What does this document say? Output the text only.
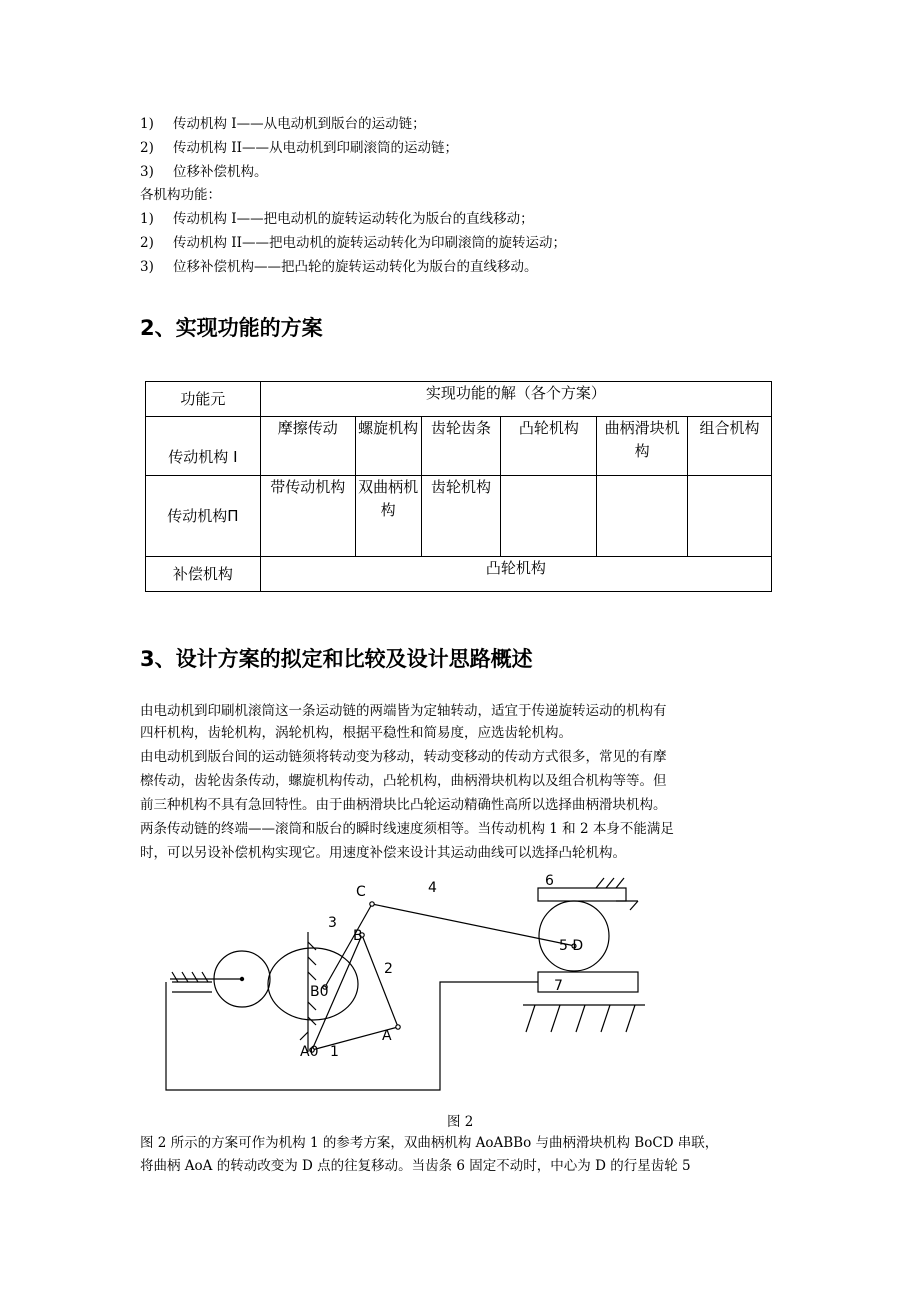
1) 传动机构 I——从电动机到版台的运动链；
2) 传动机构 II——从电动机到印刷滚筒的运动链；
3) 位移补偿机构。
各机构功能：
1) 传动机构 I——把电动机的旋转运动转化为版台的直线移动；
2) 传动机构 II——把电动机的旋转运动转化为印刷滚筒的旋转运动；
3) 位移补偿机构——把凸轮的旋转运动转化为版台的直线移动。
2、实现功能的方案
功能元	实现功能的解（各个方案）					
传动机构 I	摩擦传动	螺旋机构	齿轮齿条	凸轮机构	曲柄滑块机构	组合机构
传动机构Π	带传动机构	双曲柄机构	齿轮机构			
补偿机构	凸轮机构					
3、设计方案的拟定和比较及设计思路概述
由电动机到印刷机滚筒这一条运动链的两端皆为定轴转动，适宜于传递旋转运动的机构有
四杆机构，齿轮机构，涡轮机构，根据平稳性和简易度，应选齿轮机构。
由电动机到版台间的运动链须将转动变为移动，转动变移动的传动方式很多，常见的有摩
檫传动，齿轮齿条传动，螺旋机构传动，凸轮机构，曲柄滑块机构以及组合机构等等。但
前三种机构不具有急回特性。由于曲柄滑块比凸轮运动精确性高所以选择曲柄滑块机构。
两条传动链的终端——滚筒和版台的瞬时线速度须相等。当传动机构 1 和 2 本身不能满足
时，可以另设补偿机构实现它。用速度补偿来设计其运动曲线可以选择凸轮机构。
C	4	6
3
B
2
5 D
B0	7
A
A0 1
图 2
图 2 所示的方案可作为机构 1 的参考方案，双曲柄机构 AoABBo 与曲柄滑块机构 BoCD 串联，
将曲柄 AoA 的转动改变为 D 点的往复移动。当齿条 6 固定不动时，中心为 D 的行星齿轮 5
